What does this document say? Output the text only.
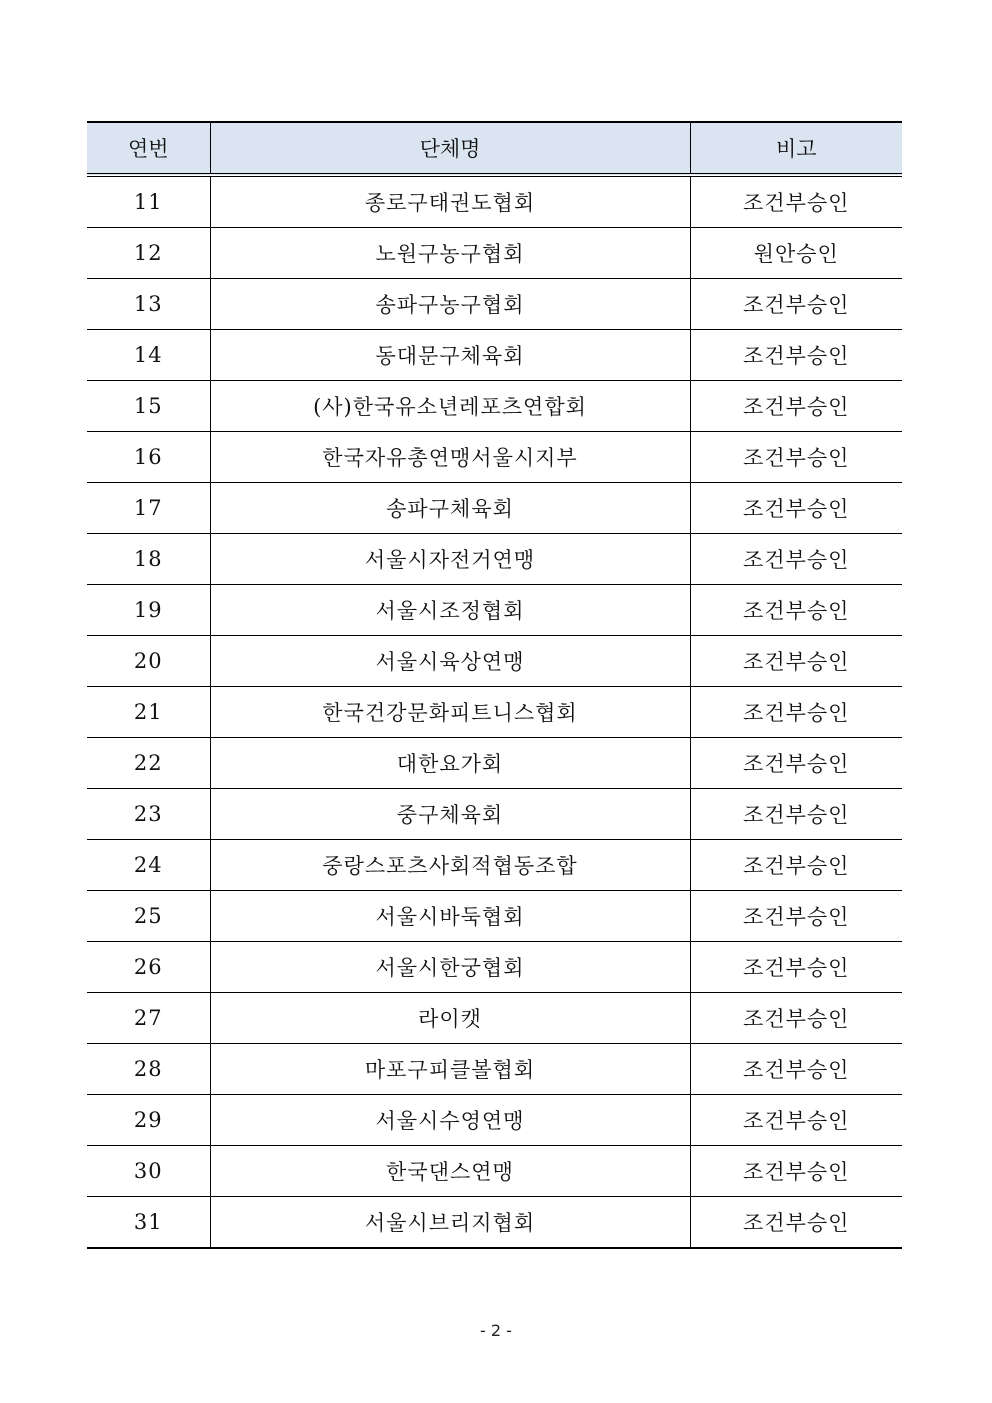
연번	단체명	비고
11	종로구태권도협회	조건부승인
12	노원구농구협회	원안승인
13	송파구농구협회	조건부승인
14	동대문구체육회	조건부승인
15	(사)한국유소년레포츠연합회	조건부승인
16	한국자유총연맹서울시지부	조건부승인
17	송파구체육회	조건부승인
18	서울시자전거연맹	조건부승인
19	서울시조정협회	조건부승인
20	서울시육상연맹	조건부승인
21	한국건강문화피트니스협회	조건부승인
22	대한요가회	조건부승인
23	중구체육회	조건부승인
24	중랑스포츠사회적협동조합	조건부승인
25	서울시바둑협회	조건부승인
26	서울시한궁협회	조건부승인
27	라이캣	조건부승인
28	마포구피클볼협회	조건부승인
29	서울시수영연맹	조건부승인
30	한국댄스연맹	조건부승인
31	서울시브리지협회	조건부승인
- 2 -
